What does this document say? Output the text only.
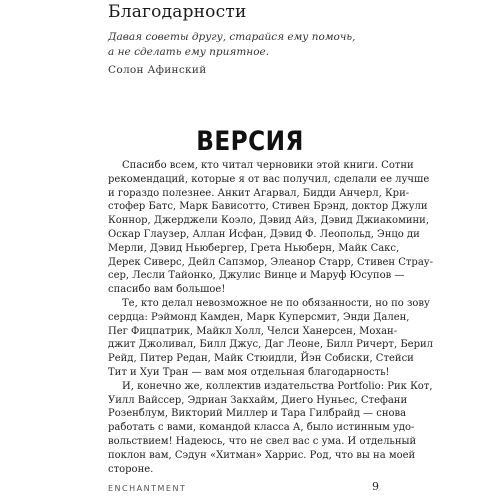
Благодарности
Давая советы другу, старайся ему помочь,
а не сделать ему приятное.
Солон Афинский
ВЕРСИЯ
Спасибо всем, кто читал черновики этой книги. Сотни
рекомендаций, которые я от вас получил, сделали ее лучше
и гораздо полезнее. Анкит Агарвал, Бидди Анчерл, Кри-
стофер Батс, Марк Бависотто, Стивен Брэнд, доктор Джули
Коннор, Джерджели Коэло, Дэвид Айз, Дэвид Джиакомини,
Оскар Глаузер, Аллан Исфан, Дэвид Ф. Леопольд, Энцо ди
Мерли, Дэвид Ньюбергер, Грета Ньюберн, Майк Сакс,
Дерек Сиверс, Дейл Сапзмор, Элеанор Старр, Стивен Страу-
сер, Лесли Тайонко, Джулис Винце и Маруф Юсупов —
спасибо вам большое!
Те, кто делал невозможное не по обязанности, но по зову
сердца: Рэймонд Камден, Марк Куперсмит, Энди Дален,
Пег Фицпатрик, Майкл Холл, Челси Ханерсен, Мохан-
джит Джоливал, Билл Джус, Даг Леоне, Билл Ричерт, Берил
Рейд, Питер Редан, Майк Стюидли, Йэн Собиски, Стейси
Тит и Хуи Тран — вам моя отдельная благодарность!
И, конечно же, коллектив издательства Portfolio: Рик Кот,
Уилл Вайссер, Эдриан Закхайм, Диего Нуньес, Стефани
Розенблум, Викторий Миллер и Тара Гилбрайд — снова
работать с вами, командой класса А, было истинным удо-
вольствием! Надеюсь, что не свел вас с ума. И отдельный
поклон вам, Сэдун «Хитман» Харрис. Род, что вы на моей
стороне.
ENCHANTMENT	9
